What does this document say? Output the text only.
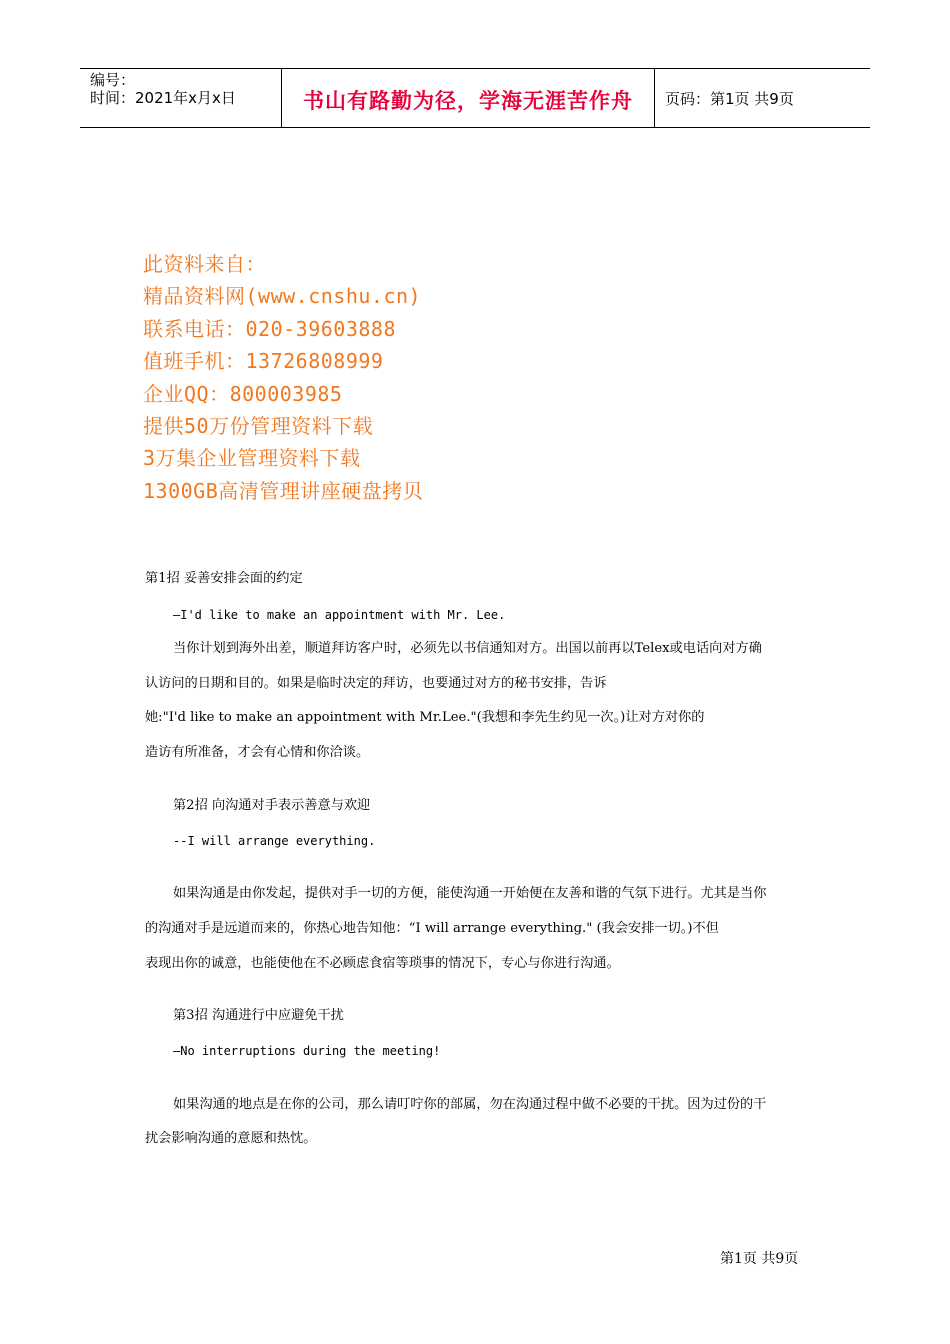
编号：
时间：2021年x月x日	书山有路勤为径，学海无涯苦作舟 页码：第1页 共9页
此资料来自：
精品资料网(www.cnshu.cn)
联系电话：020-39603888
值班手机：13726808999
企业QQ：800003985
提供50万份管理资料下载
3万集企业管理资料下载
1300GB高清管理讲座硬盘拷贝
第1招 妥善安排会面的约定
—I'd like to make an appointment with Mr. Lee.
当你计划到海外出差，顺道拜访客户时，必须先以书信通知对方。出国以前再以Telex或电话向对方确
认访问的日期和目的。如果是临时决定的拜访，也要通过对方的秘书安排，告诉
她:"I'd like to make an appointment with Mr.Lee."(我想和李先生约见一次。)让对方对你的
造访有所准备，才会有心情和你洽谈。
第2招 向沟通对手表示善意与欢迎
--I will arrange everything.
如果沟通是由你发起，提供对手一切的方便，能使沟通一开始便在友善和谐的气氛下进行。尤其是当你
的沟通对手是远道而来的，你热心地告知他：“I will arrange everything." (我会安排一切。)不但
表现出你的诚意，也能使他在不必顾虑食宿等琐事的情况下，专心与你进行沟通。
第3招 沟通进行中应避免干扰
—No interruptions during the meeting!
如果沟通的地点是在你的公司，那么请叮咛你的部属，勿在沟通过程中做不必要的干扰。因为过份的干
扰会影响沟通的意愿和热忱。
第1页 共9页
